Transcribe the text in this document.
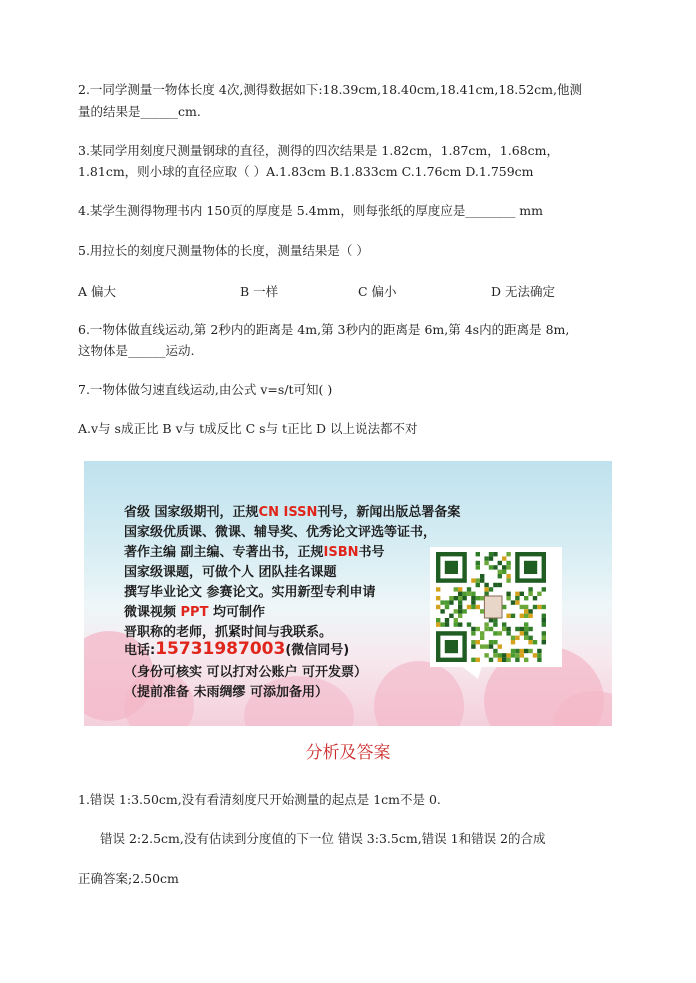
2.一同学测量一物体长度 4次,测得数据如下:18.39cm,18.40cm,18.41cm,18.52cm,他测
量的结果是______cm.
3.某同学用刻度尺测量钢球的直径，测得的四次结果是 1.82cm，1.87cm，1.68cm，
1.81cm，则小球的直径应取（ ）A.1.83cm B.1.833cm C.1.76cm D.1.759cm
4.某学生测得物理书内 150页的厚度是 5.4mm，则每张纸的厚度应是________ mm
5.用拉长的刻度尺测量物体的长度，测量结果是（ ）
A 偏大	B 一样	C 偏小	D 无法确定
6.一物体做直线运动,第 2秒内的距离是 4m,第 3秒内的距离是 6m,第 4s内的距离是 8m,
这物体是______运动.
7.一物体做匀速直线运动,由公式 v=s/t可知( )
A.v与 s成正比 B v与 t成反比 C s与 t正比 D 以上说法都不对
省级 国家级期刊，正规CN ISSN刊号，新闻出版总署备案
国家级优质课、微课、辅导奖、优秀论文评选等证书，
著作主编 副主编、专著出书，正规ISBN书号
国家级课题，可做个人 团队挂名课题
撰写毕业论文 参赛论文。实用新型专利申请
微课视频 PPT 均可制作
晋职称的老师，抓紧时间与我联系。
电话:15731987003(微信同号)
（身份可核实 可以打对公账户 可开发票）
（提前准备 未雨绸缪 可添加备用）
分析及答案
1.错误 1:3.50cm,没有看清刻度尺开始测量的起点是 1cm不是 0.
错误 2:2.5cm,没有估读到分度值的下一位 错误 3:3.5cm,错误 1和错误 2的合成
正确答案;2.50cm
